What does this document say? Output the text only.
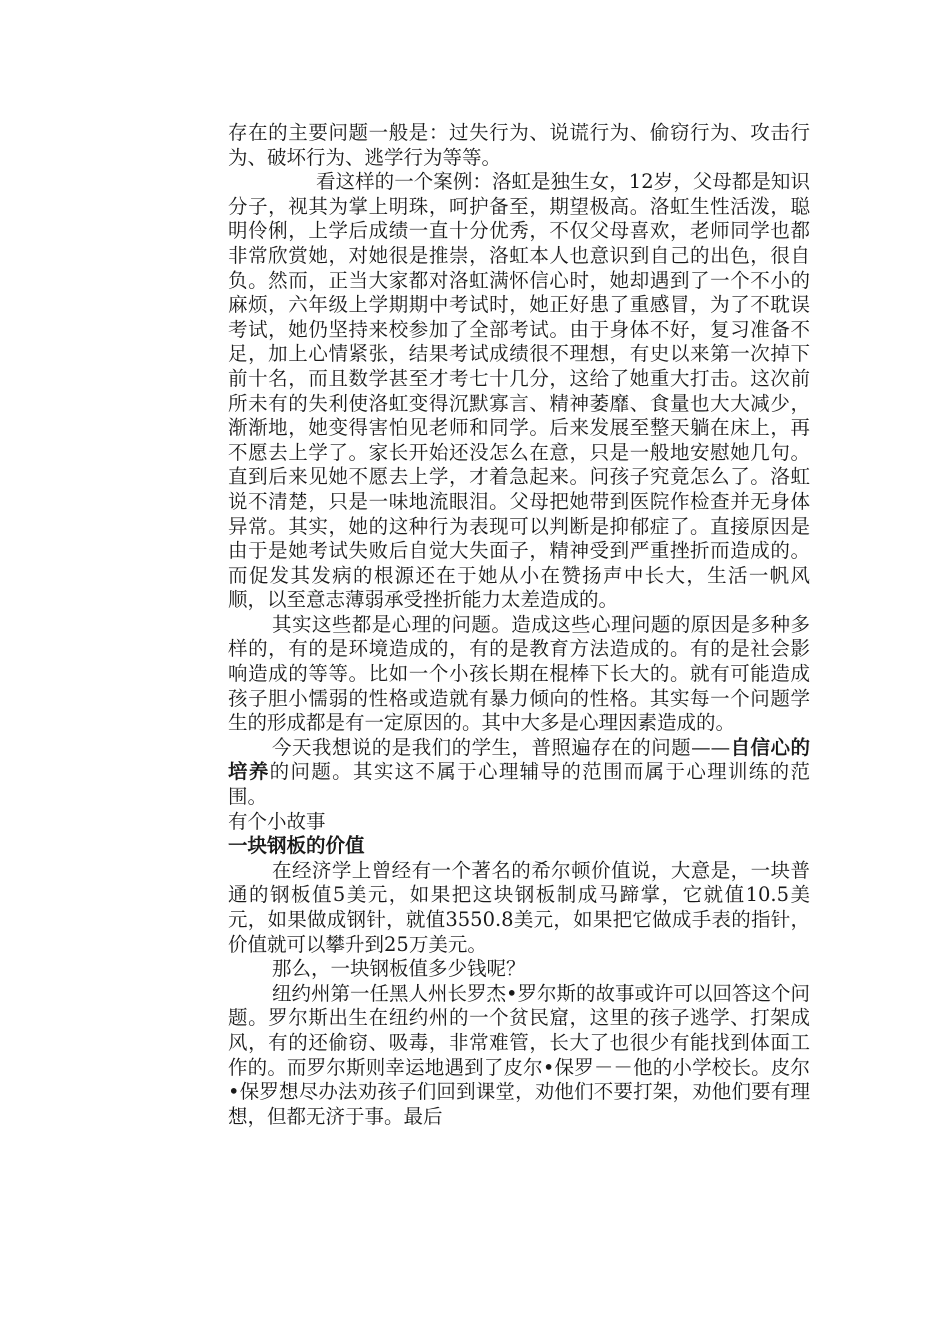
存在的主要问题一般是：过失行为、说谎行为、偷窃行为、攻击行为、破坏行为、逃学行为等等。

看这样的一个案例：洛虹是独生女，12岁，父母都是知识分子，视其为掌上明珠，呵护备至，期望极高。洛虹生性活泼，聪明伶俐，上学后成绩一直十分优秀，不仅父母喜欢，老师同学也都非常欣赏她，对她很是推崇，洛虹本人也意识到自己的出色，很自负。然而，正当大家都对洛虹满怀信心时，她却遇到了一个不小的麻烦，六年级上学期期中考试时，她正好患了重感冒，为了不耽误考试，她仍坚持来校参加了全部考试。由于身体不好，复习准备不足，加上心情紧张，结果考试成绩很不理想，有史以来第一次掉下前十名，而且数学甚至才考七十几分，这给了她重大打击。这次前所未有的失利使洛虹变得沉默寡言、精神萎靡、食量也大大减少，渐渐地，她变得害怕见老师和同学。后来发展至整天躺在床上，再不愿去上学了。家长开始还没怎么在意，只是一般地安慰她几句。直到后来见她不愿去上学，才着急起来。问孩子究竟怎么了。洛虹说不清楚，只是一味地流眼泪。父母把她带到医院作检查并无身体异常。其实，她的这种行为表现可以判断是抑郁症了。直接原因是由于是她考试失败后自觉大失面子，精神受到严重挫折而造成的。而促发其发病的根源还在于她从小在赞扬声中长大，生活一帆风顺，以至意志薄弱承受挫折能力太差造成的。

其实这些都是心理的问题。造成这些心理问题的原因是多种多样的，有的是环境造成的，有的是教育方法造成的。有的是社会影响造成的等等。比如一个小孩长期在棍棒下长大的。就有可能造成孩子胆小懦弱的性格或造就有暴力倾向的性格。其实每一个问题学生的形成都是有一定原因的。其中大多是心理因素造成的。

今天我想说的是我们的学生，普照遍存在的问题——自信心的培养的问题。其实这不属于心理辅导的范围而属于心理训练的范围。

有个小故事

一块钢板的价值

在经济学上曾经有一个著名的希尔顿价值说，大意是，一块普通的钢板值5美元，如果把这块钢板制成马蹄掌，它就值10.5美元，如果做成钢针，就值3550.8美元，如果把它做成手表的指针，价值就可以攀升到25万美元。

那么，一块钢板值多少钱呢？

纽约州第一任黑人州长罗杰•罗尔斯的故事或许可以回答这个问题。罗尔斯出生在纽约州的一个贫民窟，这里的孩子逃学、打架成风，有的还偷窃、吸毒，非常难管，长大了也很少有能找到体面工作的。而罗尔斯则幸运地遇到了皮尔•保罗－－他的小学校长。皮尔•保罗想尽办法劝孩子们回到课堂，劝他们不要打架，劝他们要有理想，但都无济于事。最后
